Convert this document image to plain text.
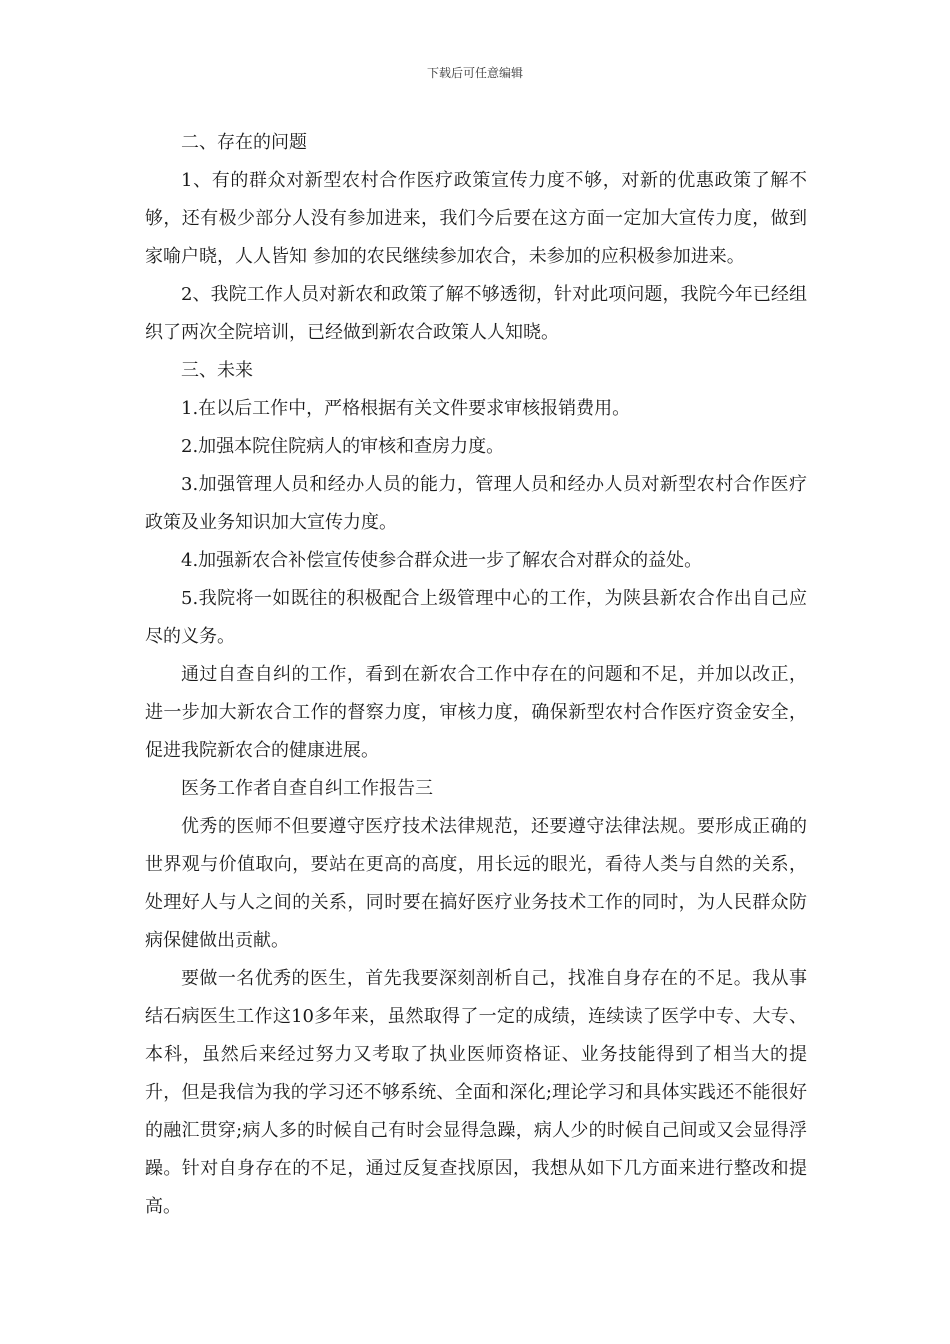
下载后可任意编辑

二、存在的问题

1、有的群众对新型农村合作医疗政策宣传力度不够，对新的优惠政策了解不够，还有极少部分人没有参加进来，我们今后要在这方面一定加大宣传力度，做到 家喻户晓，人人皆知 参加的农民继续参加农合，未参加的应积极参加进来。

2、我院工作人员对新农和政策了解不够透彻，针对此项问题，我院今年已经组织了两次全院培训，已经做到新农合政策人人知晓。

三、未来

1.在以后工作中，严格根据有关文件要求审核报销费用。

2.加强本院住院病人的审核和查房力度。

3.加强管理人员和经办人员的能力，管理人员和经办人员对新型农村合作医疗政策及业务知识加大宣传力度。

4.加强新农合补偿宣传使参合群众进一步了解农合对群众的益处。

5.我院将一如既往的积极配合上级管理中心的工作，为陕县新农合作出自己应尽的义务。

通过自查自纠的工作，看到在新农合工作中存在的问题和不足，并加以改正，进一步加大新农合工作的督察力度，审核力度，确保新型农村合作医疗资金安全，促进我院新农合的健康进展。

医务工作者自查自纠工作报告三

优秀的医师不但要遵守医疗技术法律规范，还要遵守法律法规。要形成正确的世界观与价值取向，要站在更高的高度，用长远的眼光，看待人类与自然的关系，处理好人与人之间的关系，同时要在搞好医疗业务技术工作的同时，为人民群众防病保健做出贡献。

要做一名优秀的医生，首先我要深刻剖析自己，找准自身存在的不足。我从事结石病医生工作这10多年来，虽然取得了一定的成绩，连续读了医学中专、大专、本科，虽然后来经过努力又考取了执业医师资格证、业务技能得到了相当大的提升，但是我信为我的学习还不够系统、全面和深化;理论学习和具体实践还不能很好的融汇贯穿;病人多的时候自己有时会显得急躁，病人少的时候自己间或又会显得浮躁。针对自身存在的不足，通过反复查找原因，我想从如下几方面来进行整改和提高。
